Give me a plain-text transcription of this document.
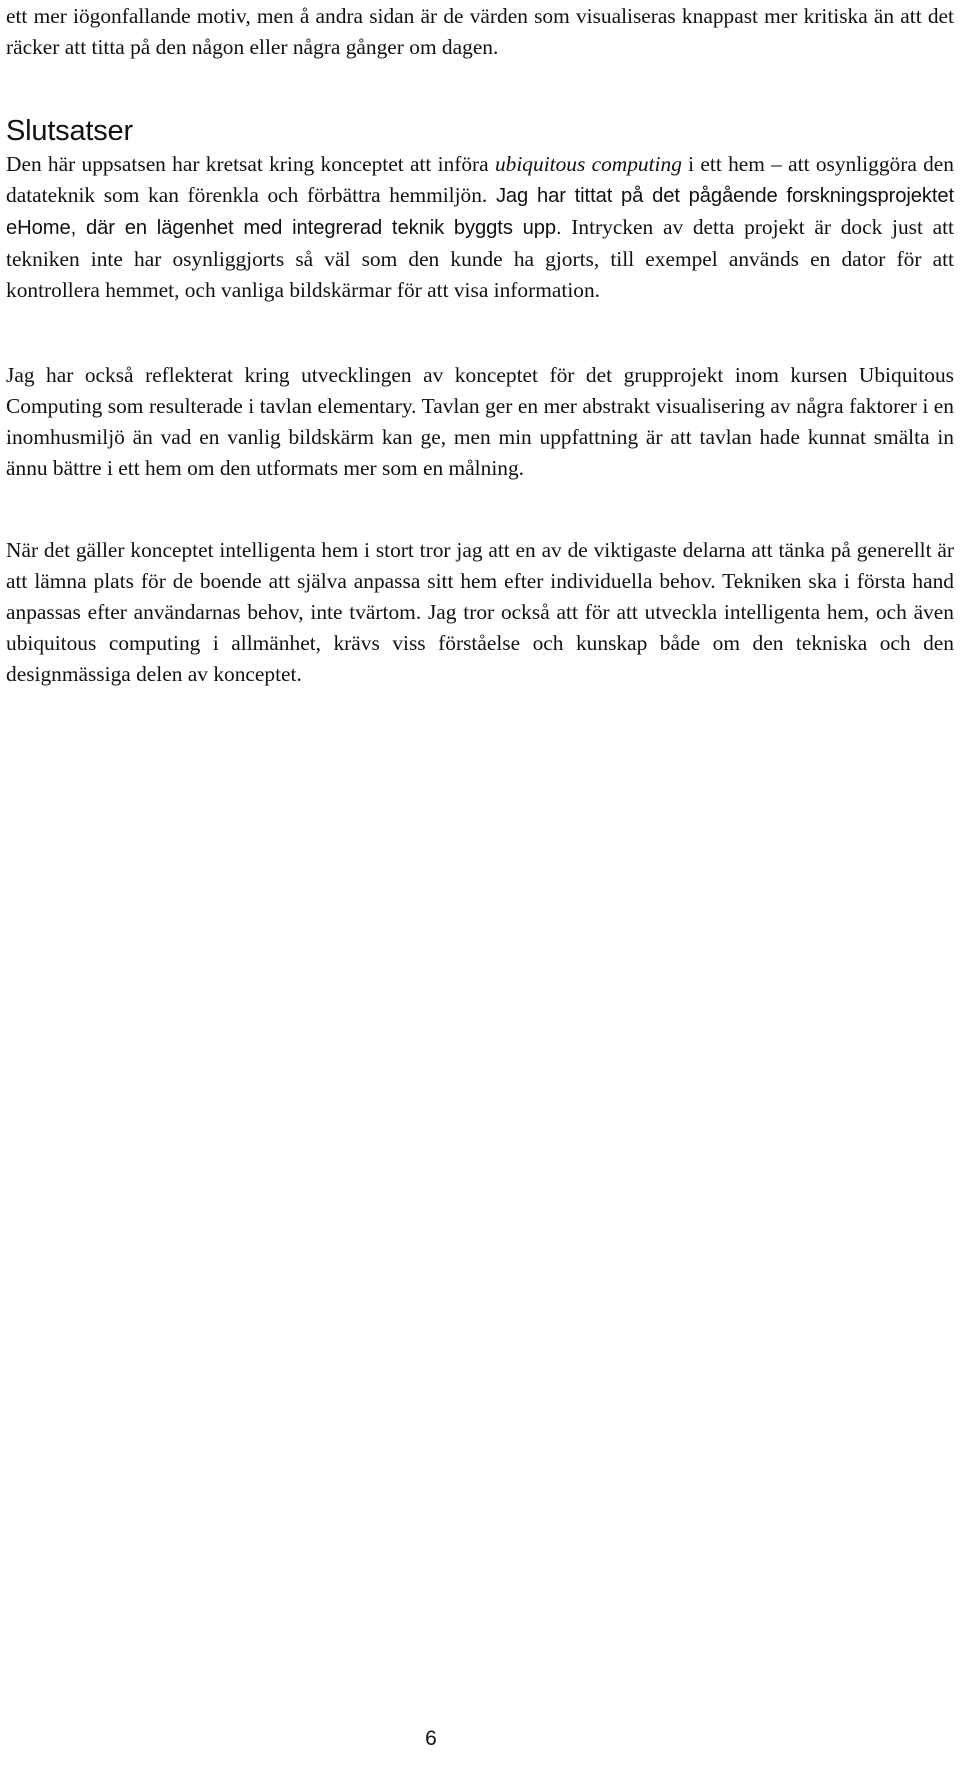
ett mer iögonfallande motiv, men å andra sidan är de värden som visualiseras knappast mer kritiska än att det räcker att titta på den någon eller några gånger om dagen.

Slutsatser

Den här uppsatsen har kretsat kring konceptet att införa ubiquitous computing i ett hem – att osynliggöra den datateknik som kan förenkla och förbättra hemmiljön. Jag har tittat på det pågående forskningsprojektet eHome, där en lägenhet med integrerad teknik byggts upp. Intrycken av detta projekt är dock just att tekniken inte har osynliggjorts så väl som den kunde ha gjorts, till exempel används en dator för att kontrollera hemmet, och vanliga bildskärmar för att visa information.

Jag har också reflekterat kring utvecklingen av konceptet för det grupprojekt inom kursen Ubiquitous Computing som resulterade i tavlan elementary. Tavlan ger en mer abstrakt visualisering av några faktorer i en inomhusmiljö än vad en vanlig bildskärm kan ge, men min uppfattning är att tavlan hade kunnat smälta in ännu bättre i ett hem om den utformats mer som en målning.

När det gäller konceptet intelligenta hem i stort tror jag att en av de viktigaste delarna att tänka på generellt är att lämna plats för de boende att själva anpassa sitt hem efter individuella behov. Tekniken ska i första hand anpassas efter användarnas behov, inte tvärtom. Jag tror också att för att utveckla intelligenta hem, och även ubiquitous computing i allmänhet, krävs viss förståelse och kunskap både om den tekniska och den designmässiga delen av konceptet.

6
